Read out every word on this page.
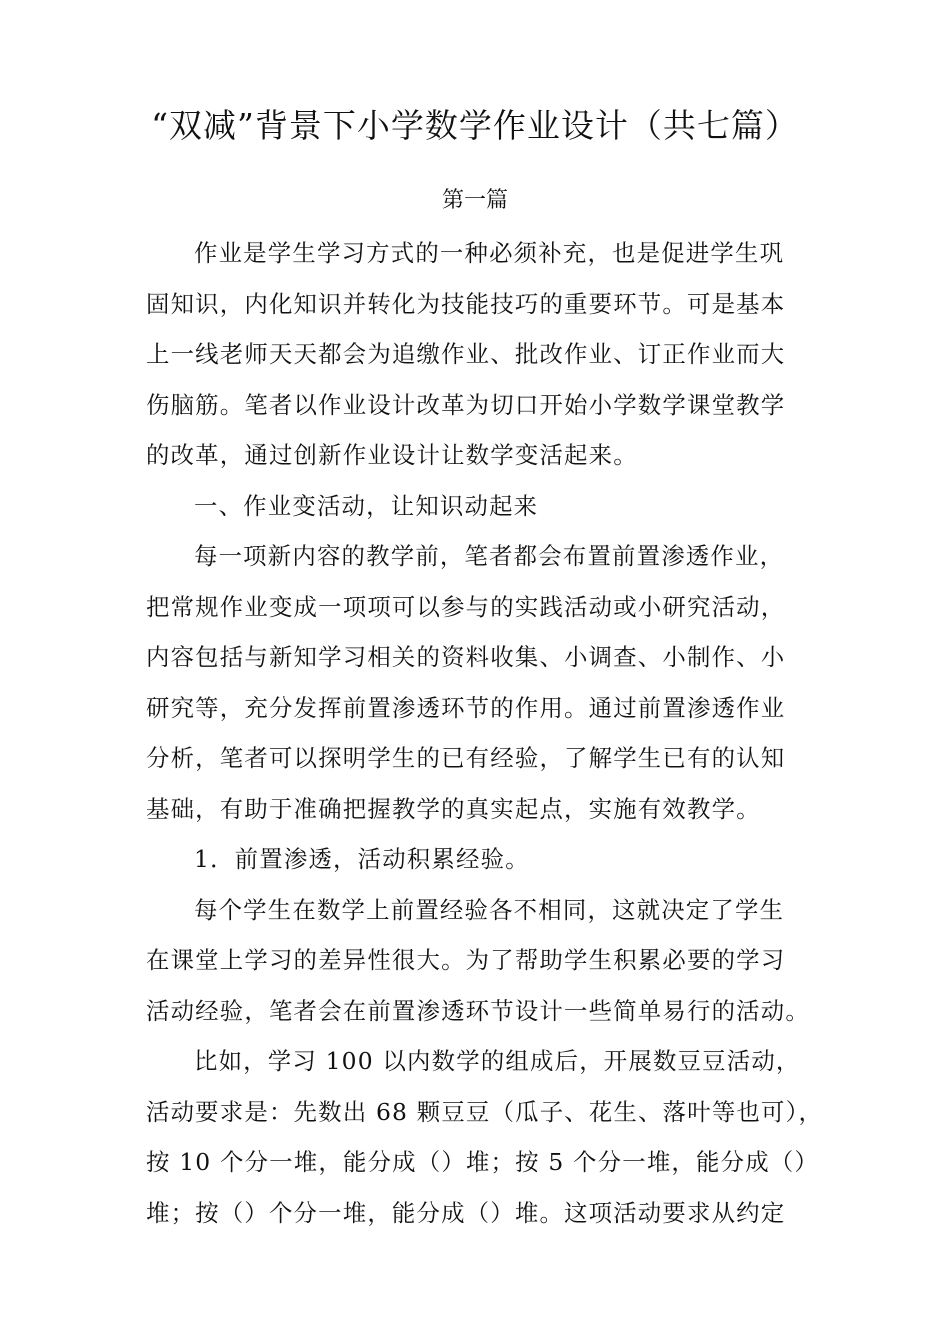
“双减”背景下小学数学作业设计（共七篇）
第一篇
作业是学生学习方式的一种必须补充，也是促进学生巩
固知识，内化知识并转化为技能技巧的重要环节。可是基本
上一线老师天天都会为追缴作业、批改作业、订正作业而大
伤脑筋。笔者以作业设计改革为切口开始小学数学课堂教学
的改革，通过创新作业设计让数学变活起来。
一、作业变活动，让知识动起来
每一项新内容的教学前，笔者都会布置前置渗透作业，
把常规作业变成一项项可以参与的实践活动或小研究活动，
内容包括与新知学习相关的资料收集、小调查、小制作、小
研究等，充分发挥前置渗透环节的作用。通过前置渗透作业
分析，笔者可以探明学生的已有经验，了解学生已有的认知
基础，有助于准确把握教学的真实起点，实施有效教学。
1．前置渗透，活动积累经验。
每个学生在数学上前置经验各不相同，这就决定了学生
在课堂上学习的差异性很大。为了帮助学生积累必要的学习
活动经验，笔者会在前置渗透环节设计一些简单易行的活动。
比如，学习 100 以内数学的组成后，开展数豆豆活动，
活动要求是：先数出 68 颗豆豆（瓜子、花生、落叶等也可），
按 10 个分一堆，能分成（）堆；按 5 个分一堆，能分成（）
堆；按（）个分一堆，能分成（）堆。这项活动要求从约定
